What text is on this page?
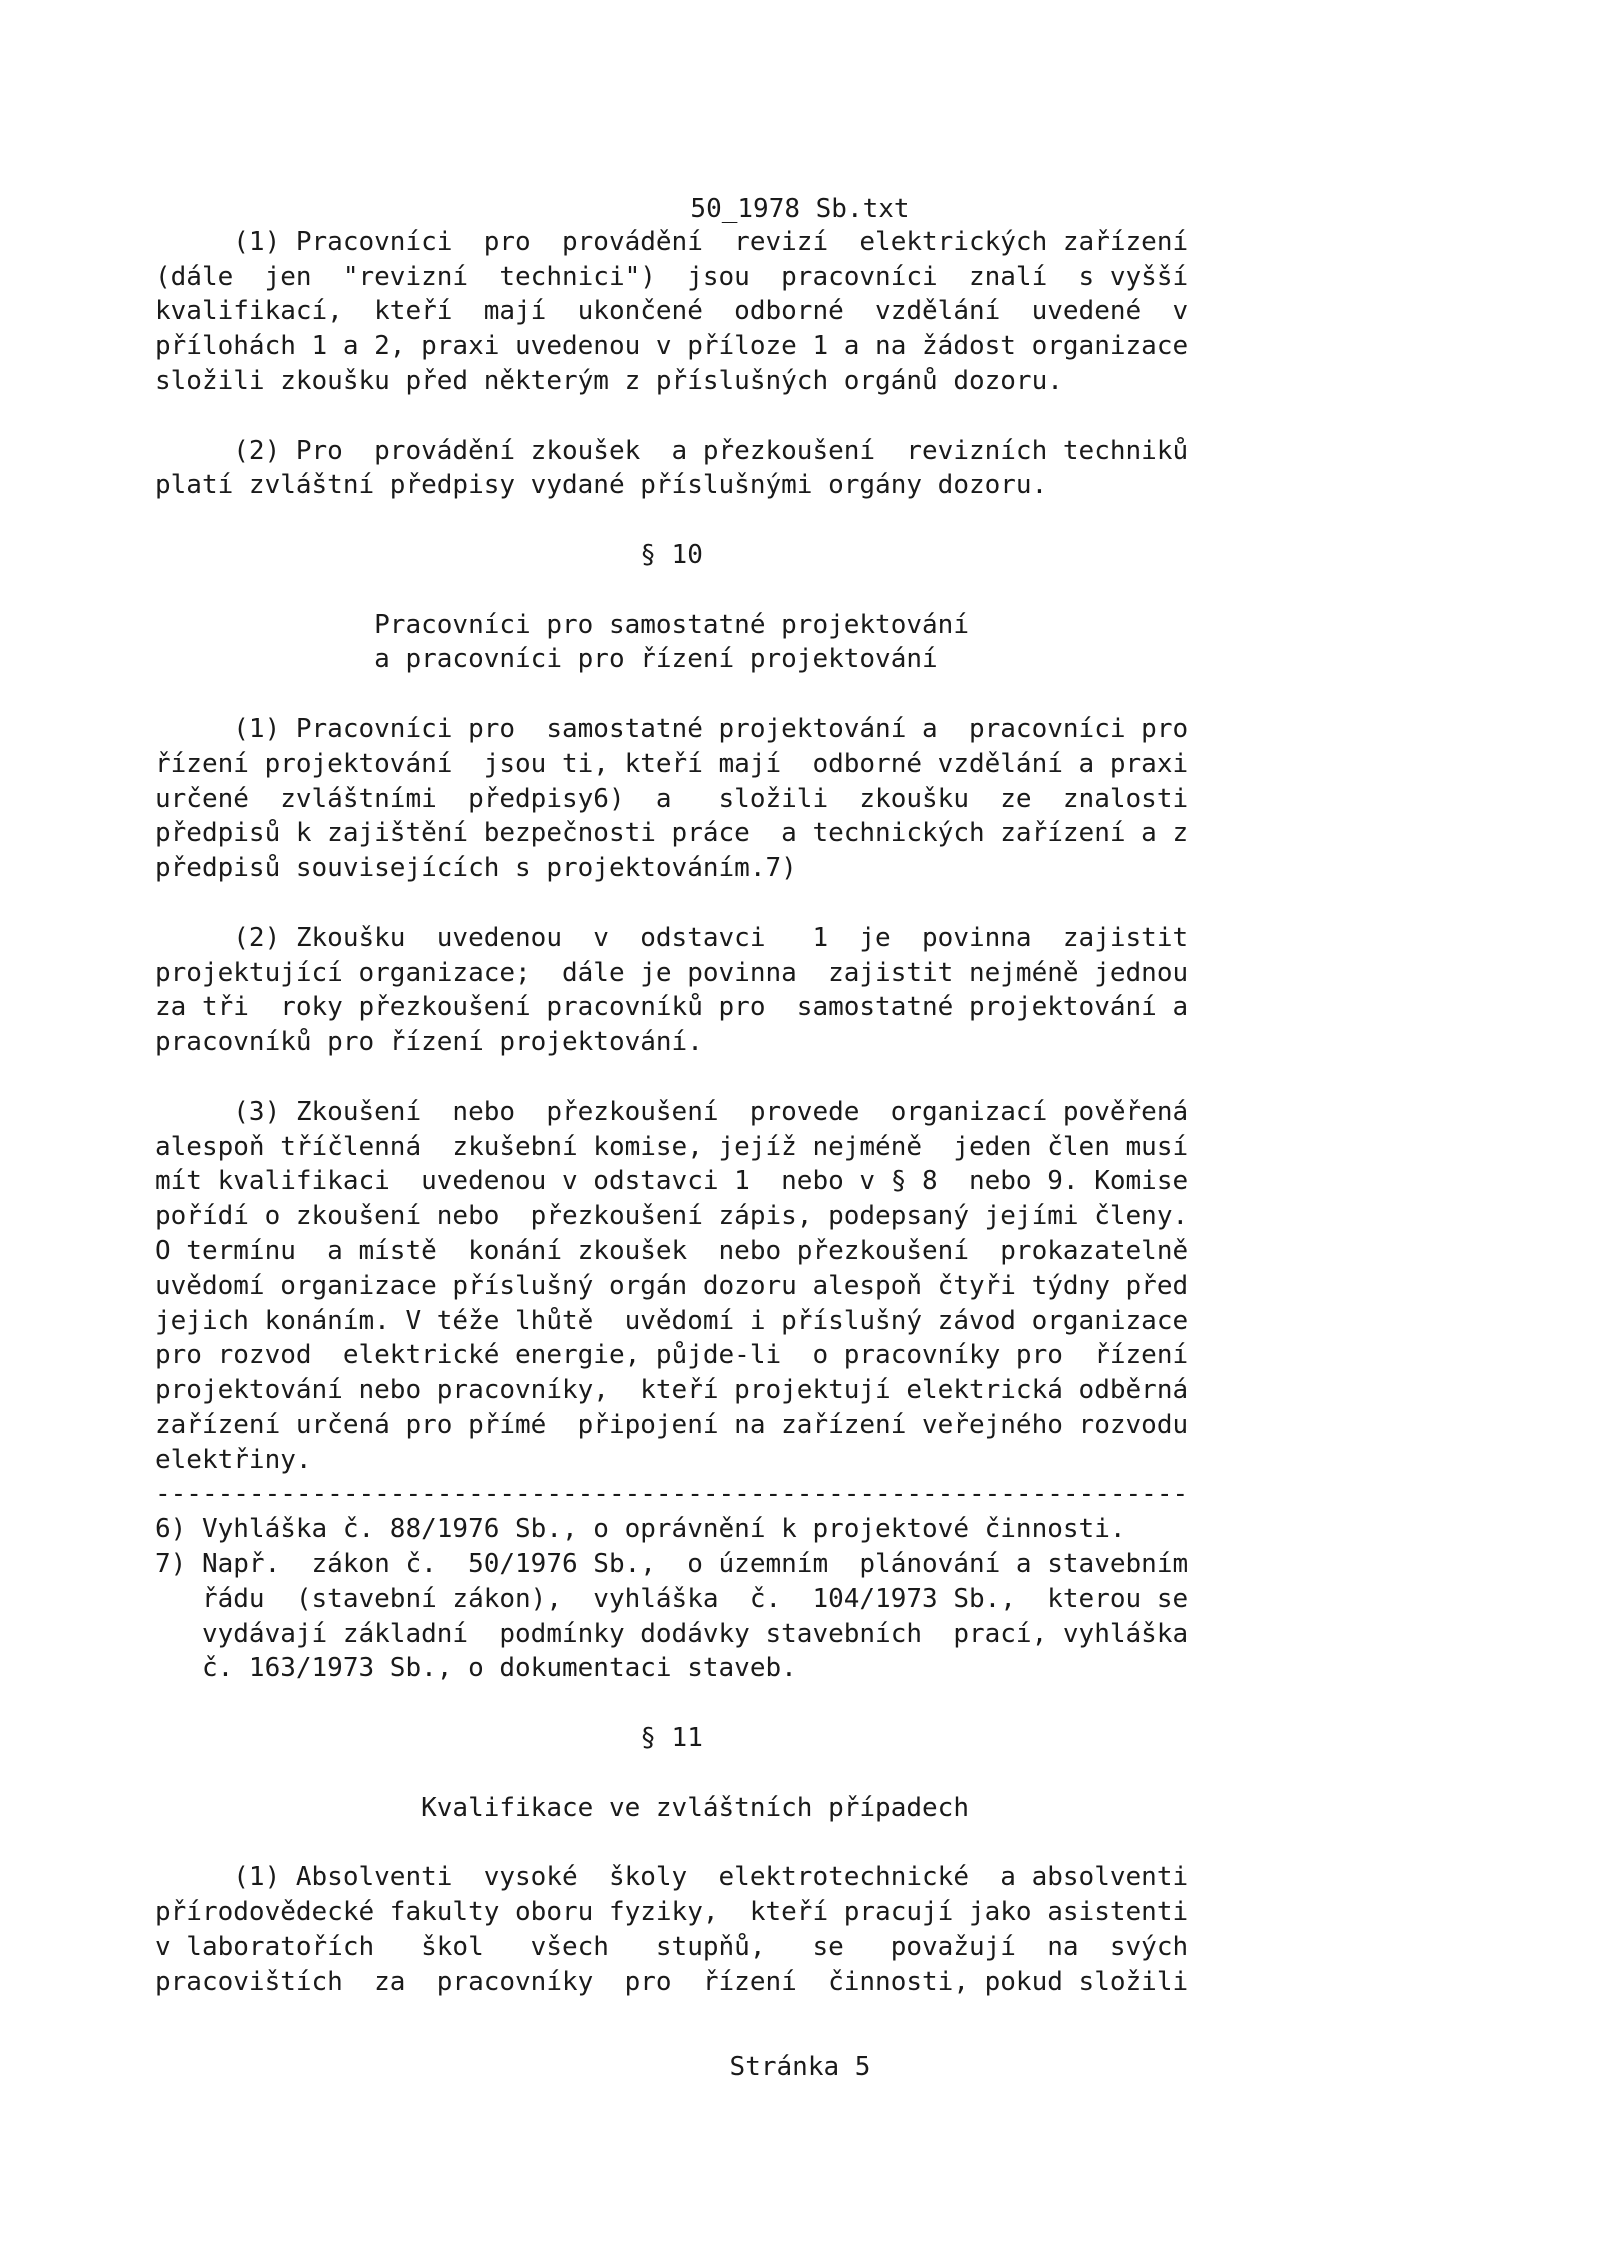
50_1978 Sb.txt

(1) Pracovníci  pro  provádění  revizí  elektrických zařízení
(dále  jen  "revizní  technici")  jsou  pracovníci  znalí  s vyšší
kvalifikací,  kteří  mají  ukončené  odborné  vzdělání  uvedené  v
přílohách 1 a 2, praxi uvedenou v příloze 1 a na žádost organizace
složili zkoušku před některým z příslušných orgánů dozoru.

(2) Pro  provádění zkoušek  a přezkoušení  revizních techniků
platí zvláštní předpisy vydané příslušnými orgány dozoru.

§ 10

Pracovníci pro samostatné projektování
a pracovníci pro řízení projektování

(1) Pracovníci pro  samostatné projektování a  pracovníci pro
řízení projektování  jsou ti, kteří mají  odborné vzdělání a praxi
určené  zvláštními  předpisy6)  a   složili  zkoušku  ze  znalosti
předpisů k zajištění bezpečnosti práce  a technických zařízení a z
předpisů souvisejících s projektováním.7)

(2) Zkoušku  uvedenou  v  odstavci   1  je  povinna  zajistit
projektující organizace;  dále je povinna  zajistit nejméně jednou
za tři  roky přezkoušení pracovníků pro  samostatné projektování a
pracovníků pro řízení projektování.

(3) Zkoušení  nebo  přezkoušení  provede  organizací pověřená
alespoň tříčlenná  zkušební komise, jejíž nejméně  jeden člen musí
mít kvalifikaci  uvedenou v odstavci 1  nebo v § 8  nebo 9. Komise
pořídí o zkoušení nebo  přezkoušení zápis, podepsaný jejími členy.
O termínu  a místě  konání zkoušek  nebo přezkoušení  prokazatelně
uvědomí organizace příslušný orgán dozoru alespoň čtyři týdny před
jejich konáním. V téže lhůtě  uvědomí i příslušný závod organizace
pro rozvod  elektrické energie, půjde-li  o pracovníky pro  řízení
projektování nebo pracovníky,  kteří projektují elektrická odběrná
zařízení určená pro přímé  připojení na zařízení veřejného rozvodu
elektřiny.
------------------------------------------------------------------
6) Vyhláška č. 88/1976 Sb., o oprávnění k projektové činnosti.
7) Např.  zákon č.  50/1976 Sb.,  o územním  plánování a stavebním
řádu  (stavební zákon),  vyhláška  č.  104/1973 Sb.,  kterou se
vydávají základní  podmínky dodávky stavebních  prací, vyhláška
č. 163/1973 Sb., o dokumentaci staveb.

§ 11

Kvalifikace ve zvláštních případech

(1) Absolventi  vysoké  školy  elektrotechnické  a absolventi
přírodovědecké fakulty oboru fyziky,  kteří pracují jako asistenti
v laboratořích   škol   všech   stupňů,   se   považují  na  svých
pracovištích  za  pracovníky  pro  řízení  činnosti, pokud složili
Stránka 5
